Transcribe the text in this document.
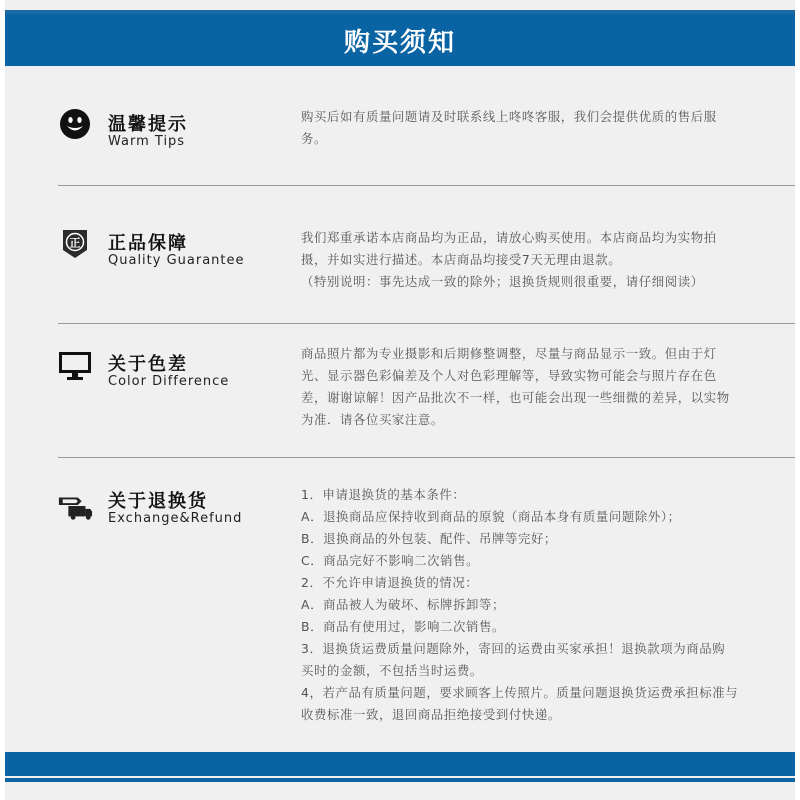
购买须知
温馨提示
Warm Tips

购买后如有质量问题请及时联系线上咚咚客服，我们会提供优质的售后服

务。

正 正品保障
Quality Guarantee

我们郑重承诺本店商品均为正品，请放心购买使用。本店商品均为实物拍

摄，并如实进行描述。本店商品均接受7天无理由退款。

（特别说明：事先达成一致的除外；退换货规则很重要，请仔细阅读）

关于色差
Color Difference

商品照片都为专业摄影和后期修整调整，尽量与商品显示一致。但由于灯

光、显示器色彩偏差及个人对色彩理解等，导致实物可能会与照片存在色

差，谢谢谅解！因产品批次不一样，也可能会出现一些细微的差异，以实物

为准．请各位买家注意。

关于退换货
Exchange&Refund

1．申请退换货的基本条件：

A．退换商品应保持收到商品的原貌（商品本身有质量问题除外）；

B．退换商品的外包装、配件、吊牌等完好；

C．商品完好不影响二次销售。

2．不允许申请退换货的情况：

A．商品被人为破坏、标牌拆卸等；

B．商品有使用过，影响二次销售。

3．退换货运费质量问题除外，寄回的运费由买家承担！退换款项为商品购

买时的金额，不包括当时运费。

4，若产品有质量问题，要求顾客上传照片。质量问题退换货运费承担标准与

收费标准一致，退回商品拒绝接受到付快递。
